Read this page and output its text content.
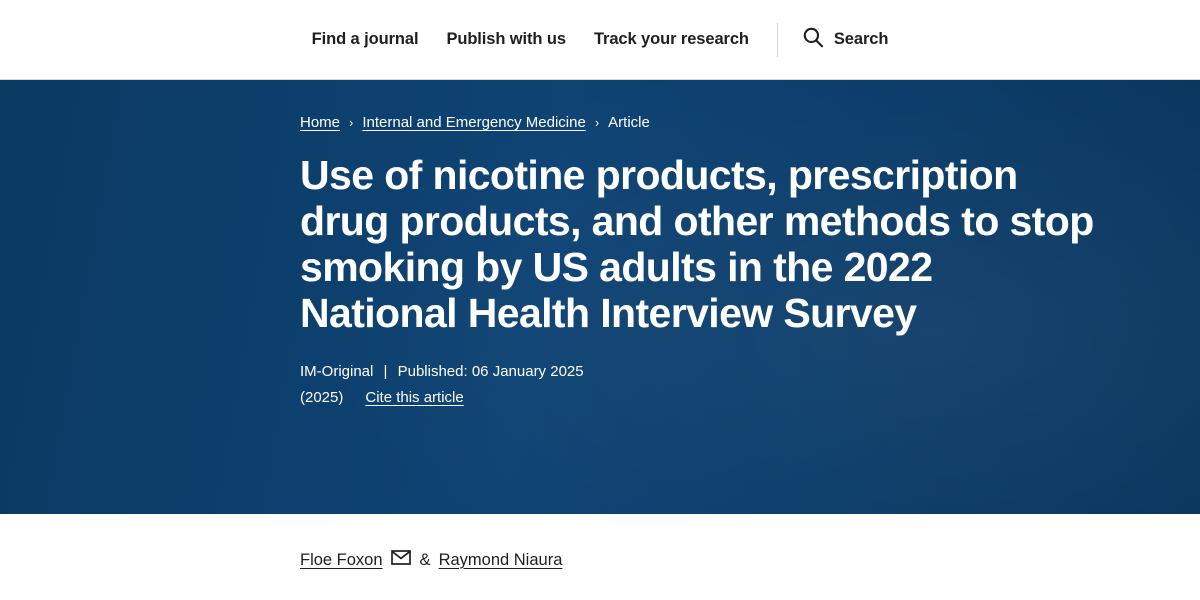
Find a journal	Publish with us	Track your research	Search
Home › Internal and Emergency Medicine › Article
Use of nicotine products, prescription drug products, and other methods to stop smoking by US adults in the 2022 National Health Interview Survey
IM-Original | Published: 06 January 2025
(2025) Cite this article
Floe Foxon & Raymond Niaura
